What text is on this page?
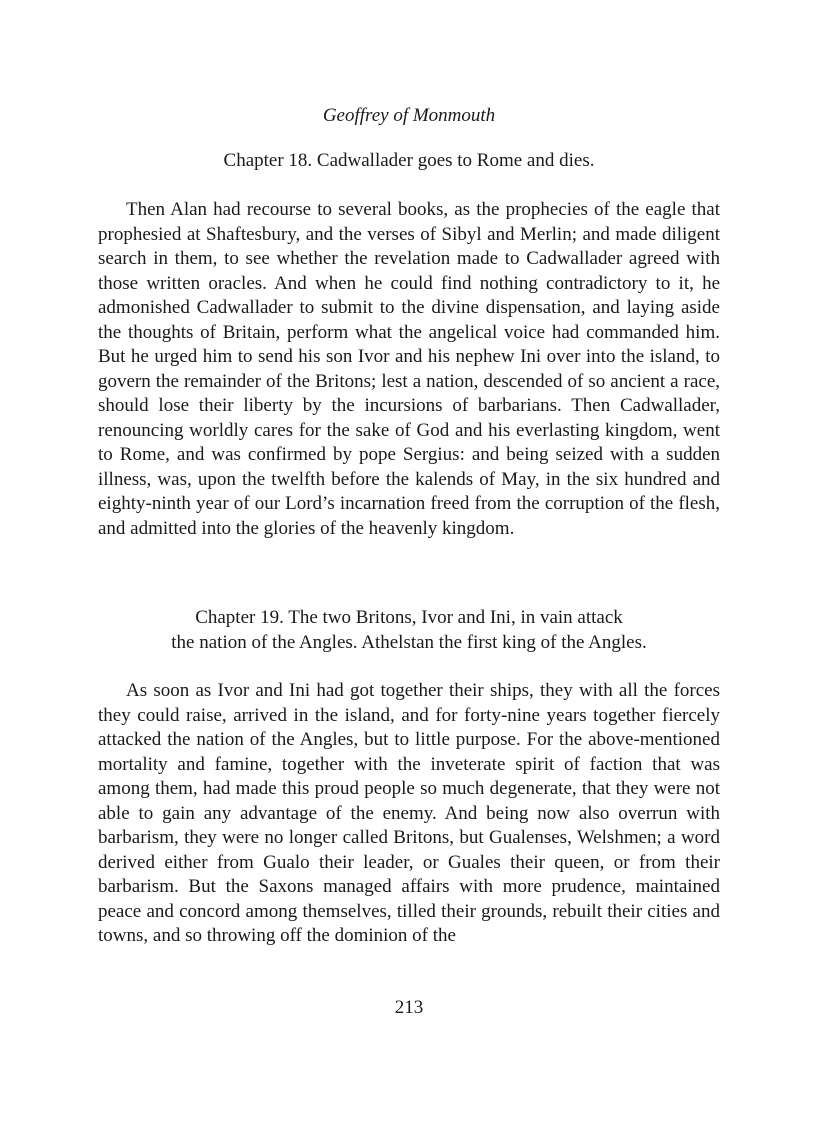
Geoffrey of Monmouth

Chapter 18. Cadwallader goes to Rome and dies.

Then Alan had recourse to several books, as the prophecies of the eagle that prophesied at Shaftesbury, and the verses of Sibyl and Merlin; and made diligent search in them, to see whether the revelation made to Cadwallader agreed with those written oracles. And when he could find nothing contradictory to it, he admonished Cadwallader to submit to the divine dispensation, and laying aside the thoughts of Britain, perform what the angelical voice had commanded him. But he urged him to send his son Ivor and his nephew Ini over into the island, to govern the remainder of the Britons; lest a nation, descended of so ancient a race, should lose their liberty by the incursions of barbarians. Then Cadwallader, renouncing worldly cares for the sake of God and his everlasting kingdom, went to Rome, and was confirmed by pope Sergius: and being seized with a sudden illness, was, upon the twelfth before the kalends of May, in the six hundred and eighty-ninth year of our Lord’s incarnation freed from the corruption of the flesh, and admitted into the glories of the heavenly kingdom.

Chapter 19. The two Britons, Ivor and Ini, in vain attack
the nation of the Angles. Athelstan the first king of the Angles.

As soon as Ivor and Ini had got together their ships, they with all the forces they could raise, arrived in the island, and for forty-nine years together fiercely attacked the nation of the Angles, but to little purpose. For the above-mentioned mortality and famine, together with the inveterate spirit of faction that was among them, had made this proud people so much degenerate, that they were not able to gain any advantage of the enemy. And being now also overrun with barbarism, they were no longer called Britons, but Gualenses, Welshmen; a word derived either from Gualo their leader, or Guales their queen, or from their barbarism. But the Saxons managed affairs with more prudence, maintained peace and concord among themselves, tilled their grounds, rebuilt their cities and towns, and so throwing off the dominion of the

213
